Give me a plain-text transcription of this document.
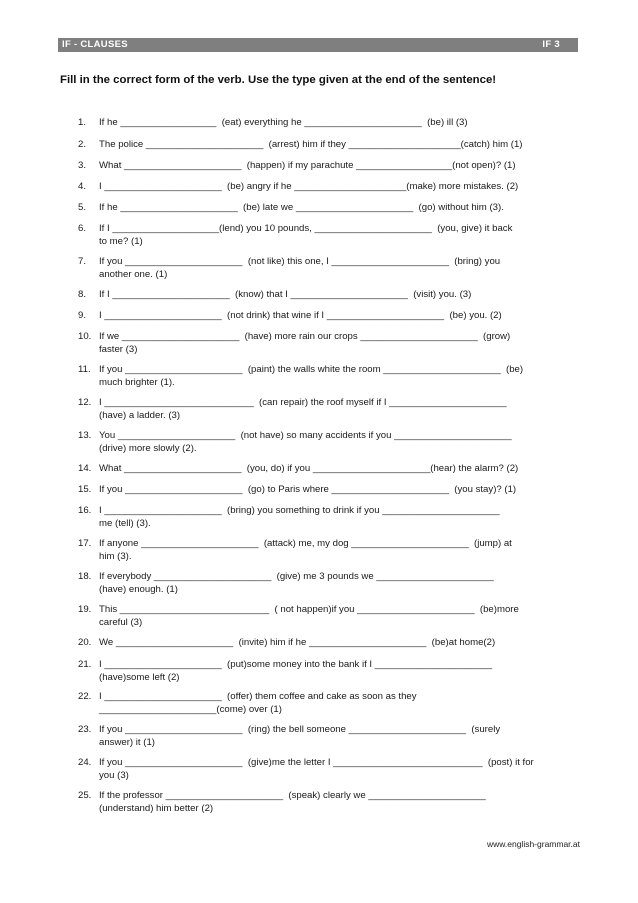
IF - CLAUSES	IF 3
Fill in the correct form of the verb. Use the type given at the end of the sentence!
1. If he __________________  (eat) everything he ______________________  (be) ill (3)
2. The police ______________________  (arrest) him if they _____________________(catch) him (1)
3. What ______________________  (happen) if my parachute __________________(not open)? (1)
4. I ______________________  (be) angry if he _____________________(make) more mistakes. (2)
5. If he ______________________  (be) late we ______________________  (go) without him (3).
6. If I ____________________(lend) you 10 pounds, ______________________  (you, give) it back
to me? (1)
7. If you ______________________  (not like) this one, I ______________________  (bring) you
another one. (1)
8. If I ______________________  (know) that I ______________________  (visit) you. (3)
9. I ______________________  (not drink) that wine if I ______________________  (be) you. (2)
10. If we ______________________  (have) more rain our crops ______________________  (grow)
faster (3)
11. If you ______________________  (paint) the walls white the room ______________________  (be)
much brighter (1).
12. I ____________________________  (can repair) the roof myself if I ______________________
(have) a ladder. (3)
13. You ______________________  (not have) so many accidents if you ______________________
(drive) more slowly (2).
14. What ______________________  (you, do) if you ______________________(hear) the alarm? (2)
15. If you ______________________  (go) to Paris where ______________________  (you stay)? (1)
16. I ______________________  (bring) you something to drink if you ______________________
me (tell) (3).
17. If anyone ______________________  (attack) me, my dog ______________________  (jump) at
him (3).
18. If everybody ______________________  (give) me 3 pounds we ______________________
(have) enough. (1)
19. This ____________________________  ( not happen)if you ______________________  (be)more
careful (3)
20. We ______________________  (invite) him if he ______________________  (be)at home(2)
21. I ______________________  (put)some money into the bank if I ______________________
(have)some left (2)
22. I ______________________  (offer) them coffee and cake as soon as they
______________________(come) over (1)
23. If you ______________________  (ring) the bell someone ______________________  (surely
answer) it (1)
24. If you ______________________  (give)me the letter I ____________________________  (post) it for
you (3)
25. If the professor ______________________  (speak) clearly we ______________________
(understand) him better (2)
www.english-grammar.at
